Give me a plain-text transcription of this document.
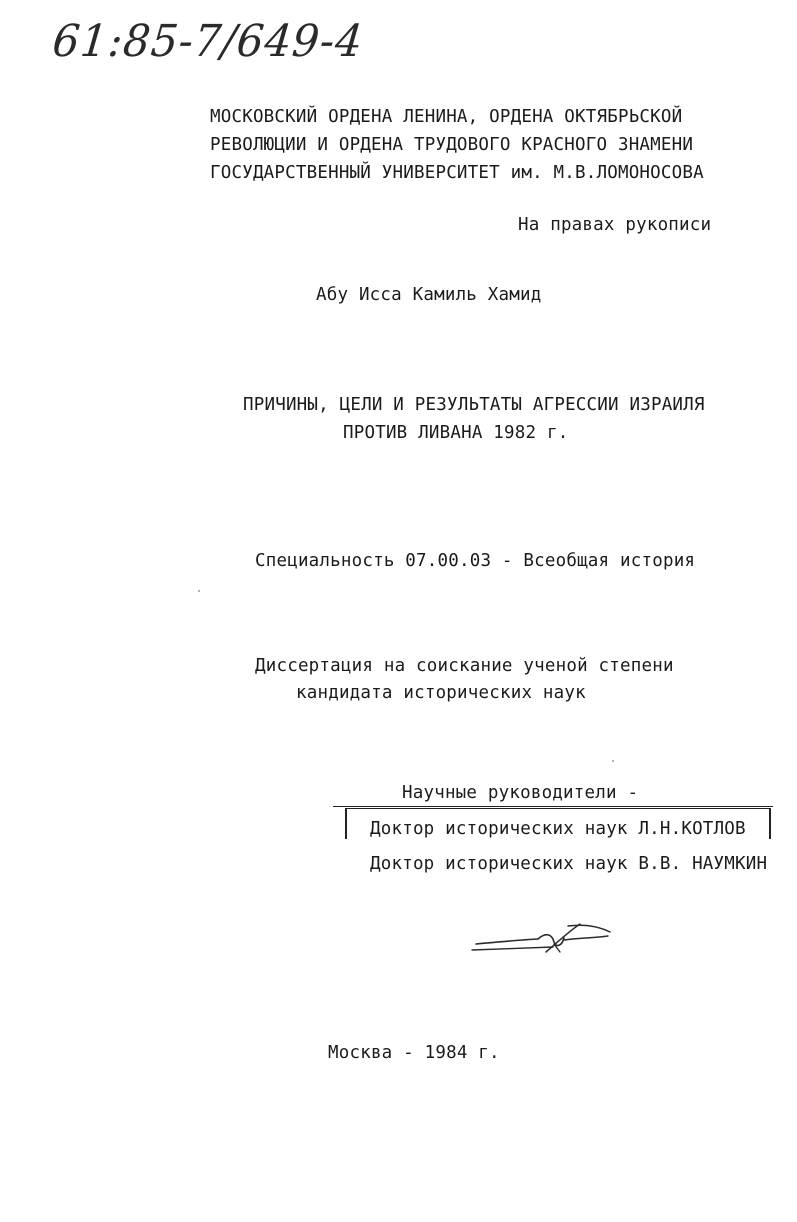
61:85-7/649-4
МОСКОВСКИЙ ОРДЕНА ЛЕНИНА, ОРДЕНА ОКТЯБРЬСКОЙ
РЕВОЛЮЦИИ И ОРДЕНА ТРУДОВОГО КРАСНОГО ЗНАМЕНИ
ГОСУДАРСТВЕННЫЙ УНИВЕРСИТЕТ им. М.В.ЛОМОНОСОВА
На правах рукописи
Абу Исса Камиль Хамид
ПРИЧИНЫ, ЦЕЛИ И РЕЗУЛЬТАТЫ АГРЕССИИ ИЗРАИЛЯ
ПРОТИВ ЛИВАНА 1982 г.
Специальность 07.00.03 - Всеобщая история
Диссертация на соискание ученой степени
кандидата исторических наук
Научные руководители -
Доктор исторических наук Л.Н.КОТЛОВ
Доктор исторических наук В.В. НАУМКИН
Москва - 1984 г.
